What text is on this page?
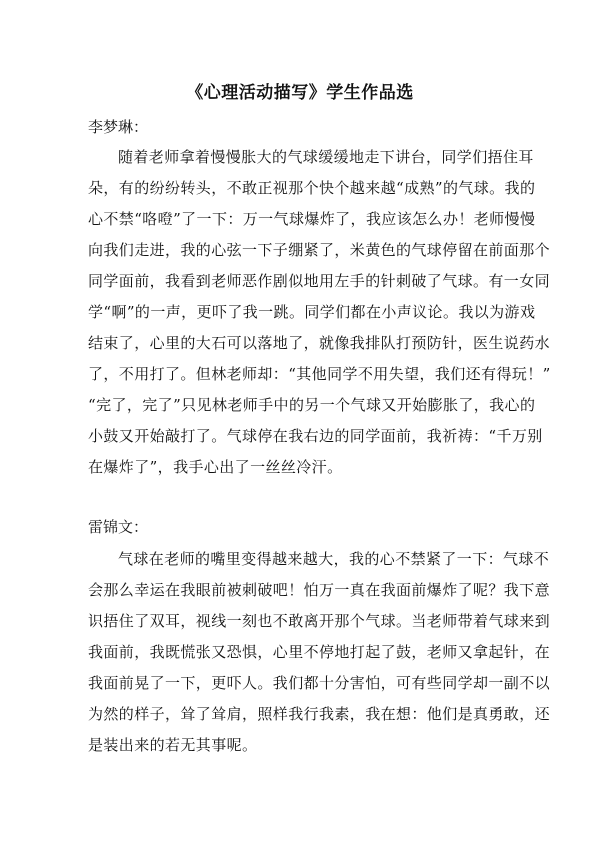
《心理活动描写》学生作品选
李梦琳：
随着老师拿着慢慢胀大的气球缓缓地走下讲台，同学们捂住耳
朵，有的纷纷转头，不敢正视那个快个越来越“成熟”的气球。我的
心不禁“咯噔”了一下：万一气球爆炸了，我应该怎么办！老师慢慢
向我们走进，我的心弦一下子绷紧了，米黄色的气球停留在前面那个
同学面前，我看到老师恶作剧似地用左手的针刺破了气球。有一女同
学“啊”的一声，更吓了我一跳。同学们都在小声议论。我以为游戏
结束了，心里的大石可以落地了，就像我排队打预防针，医生说药水
了，不用打了。但林老师却：“其他同学不用失望，我们还有得玩！”
“完了，完了”只见林老师手中的另一个气球又开始膨胀了，我心的
小鼓又开始敲打了。气球停在我右边的同学面前，我祈祷：“千万别
在爆炸了”，我手心出了一丝丝冷汗。
雷锦文：
气球在老师的嘴里变得越来越大，我的心不禁紧了一下：气球不
会那么幸运在我眼前被刺破吧！怕万一真在我面前爆炸了呢？我下意
识捂住了双耳，视线一刻也不敢离开那个气球。当老师带着气球来到
我面前，我既慌张又恐惧，心里不停地打起了鼓，老师又拿起针，在
我面前晃了一下，更吓人。我们都十分害怕，可有些同学却一副不以
为然的样子，耸了耸肩，照样我行我素，我在想：他们是真勇敢，还
是装出来的若无其事呢。
